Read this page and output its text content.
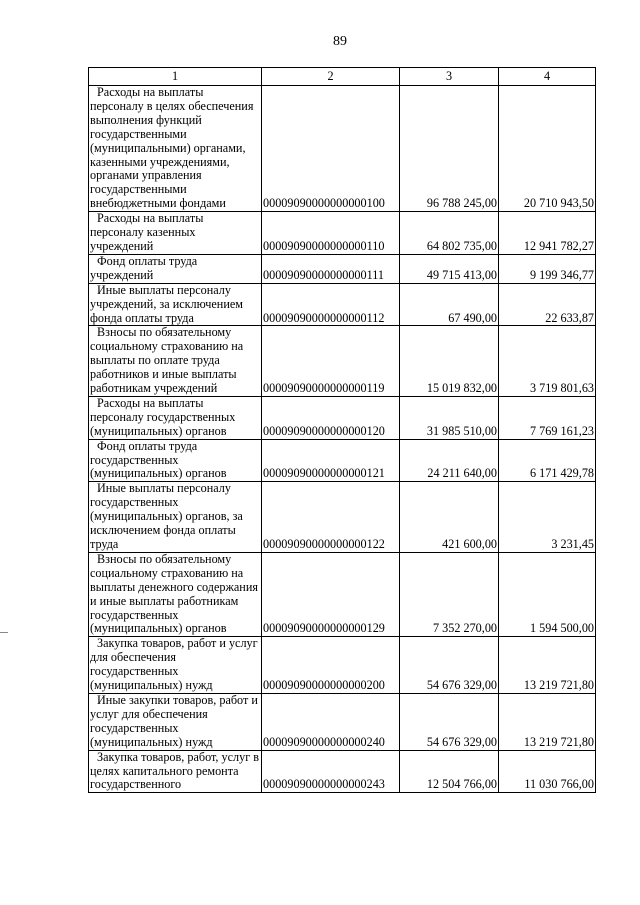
89
1	2	3	4

Расходы на выплаты персоналу в целях обеспечения выполнения функций государственными (муниципальными) органами, казенными учреждениями, органами управления государственными внебюджетными фондами	00009090000000000100	96 788 245,00	20 710 943,50

Расходы на выплаты персоналу казенных учреждений	00009090000000000110	64 802 735,00	12 941 782,27

Фонд оплаты труда учреждений	00009090000000000111	49 715 413,00	9 199 346,77

Иные выплаты персоналу учреждений, за исключением фонда оплаты труда	00009090000000000112	67 490,00	22 633,87

Взносы по обязательному социальному страхованию на выплаты по оплате труда работников и иные выплаты работникам учреждений	00009090000000000119	15 019 832,00	3 719 801,63

Расходы на выплаты персоналу государственных (муниципальных) органов	00009090000000000120	31 985 510,00	7 769 161,23

Фонд оплаты труда государственных (муниципальных) органов	00009090000000000121	24 211 640,00	6 171 429,78

Иные выплаты персоналу государственных (муниципальных) органов, за исключением фонда оплаты труда	00009090000000000122	421 600,00	3 231,45

Взносы по обязательному социальному страхованию на выплаты денежного содержания и иные выплаты работникам государственных (муниципальных) органов	00009090000000000129	7 352 270,00	1 594 500,00

Закупка товаров, работ и услуг для обеспечения государственных (муниципальных) нужд	00009090000000000200	54 676 329,00	13 219 721,80

Иные закупки товаров, работ и услуг для обеспечения государственных (муниципальных) нужд	00009090000000000240	54 676 329,00	13 219 721,80

Закупка товаров, работ, услуг в целях капитального ремонта государственного	00009090000000000243	12 504 766,00	11 030 766,00
